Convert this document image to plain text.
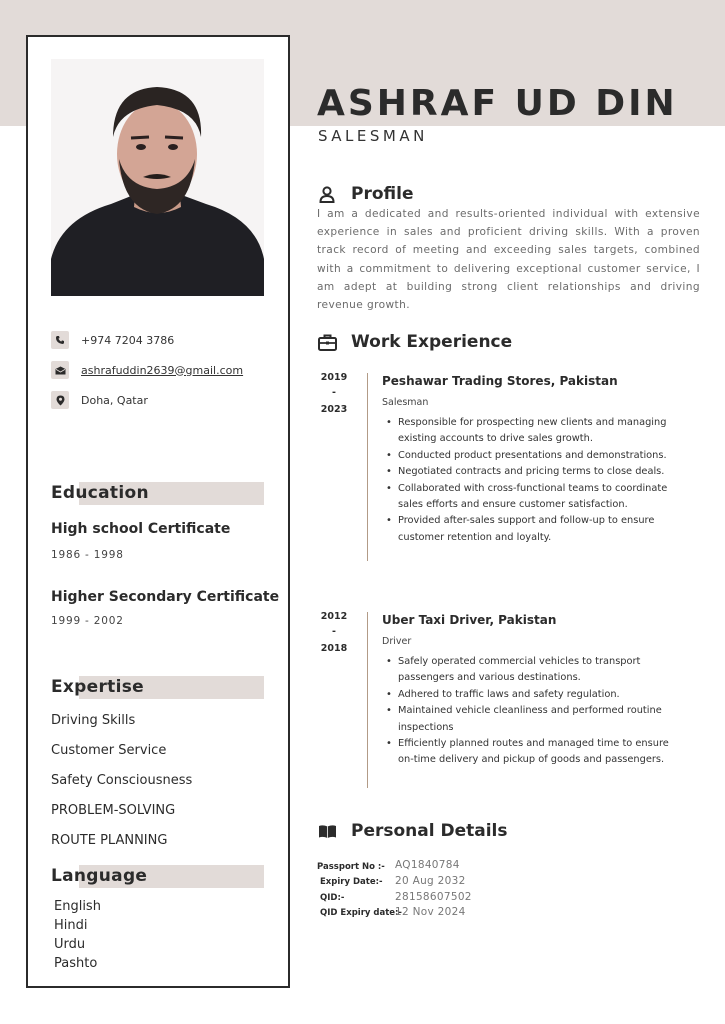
+974 7204 3786
ashrafuddin2639@gmail.com
Doha, Qatar
Education
High school Certificate
1986 - 1998
Higher Secondary Certificate
1999 - 2002
Expertise
Driving Skills
Customer Service
Safety Consciousness
PROBLEM-SOLVING
ROUTE PLANNING
Language
English
Hindi
Urdu
Pashto
ASHRAF UD DIN
SALESMAN
Profile
I am a dedicated and results-oriented individual with extensive experience in sales and proficient driving skills. With a proven track record of meeting and exceeding sales targets, combined with a commitment to delivering exceptional customer service, I am adept at building strong client relationships and driving revenue growth.
Work Experience
2019
-
2023
Peshawar Trading Stores, Pakistan
Salesman
• Responsible for prospecting new clients and managing existing accounts to drive sales growth.
• Conducted product presentations and demonstrations.
• Negotiated contracts and pricing terms to close deals.
• Collaborated with cross-functional teams to coordinate sales efforts and ensure customer satisfaction.
• Provided after-sales support and follow-up to ensure customer retention and loyalty.
2012
-
2018
Uber Taxi Driver, Pakistan
Driver
• Safely operated commercial vehicles to transport passengers and various destinations.
• Adhered to traffic laws and safety regulation.
• Maintained vehicle cleanliness and performed routine inspections
• Efficiently planned routes and managed time to ensure on-time delivery and pickup of goods and passengers.
Personal Details
Passport No :- AQ1840784
Expiry Date:- 20 Aug 2032
QID:-	28158607502
QID Expiry date:-
12 Nov 2024
